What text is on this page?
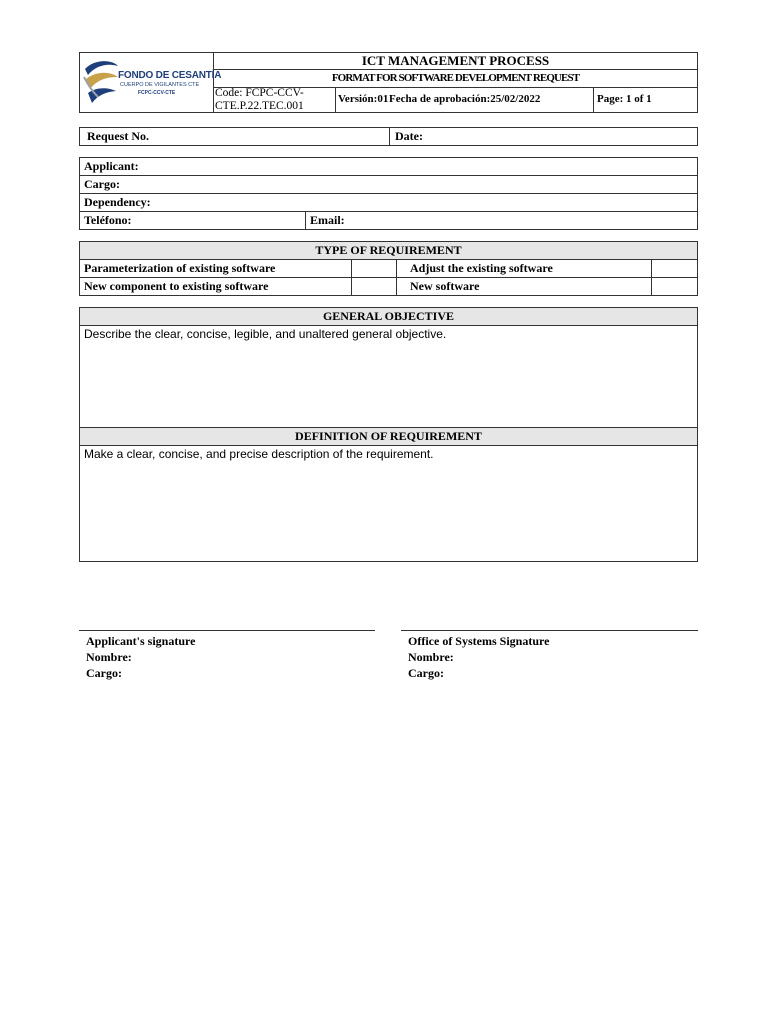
FONDO DE CESANTÍA
CUERPO DE VIGILANTES CTE
FCPC-CCV-CTE
ICT MANAGEMENT PROCESS
FORMAT FOR SOFTWARE DEVELOPMENT REQUEST
Code: FCPC-CCV-
CTE.P.22.TEC.001
Versión:01 Fecha de aprobación:25/02/2022	Page: 1 of 1
Request No.	Date:
Applicant:
Cargo:
Dependency:
Teléfono:	Email:
TYPE OF REQUIREMENT
Parameterization of existing software	Adjust the existing software
New component to existing software	New software
GENERAL OBJECTIVE
Describe the clear, concise, legible, and unaltered general objective.
DEFINITION OF REQUIREMENT
Make a clear, concise, and precise description of the requirement.
Applicant's signature
Nombre:
Cargo:
Office of Systems Signature
Nombre:
Cargo:
